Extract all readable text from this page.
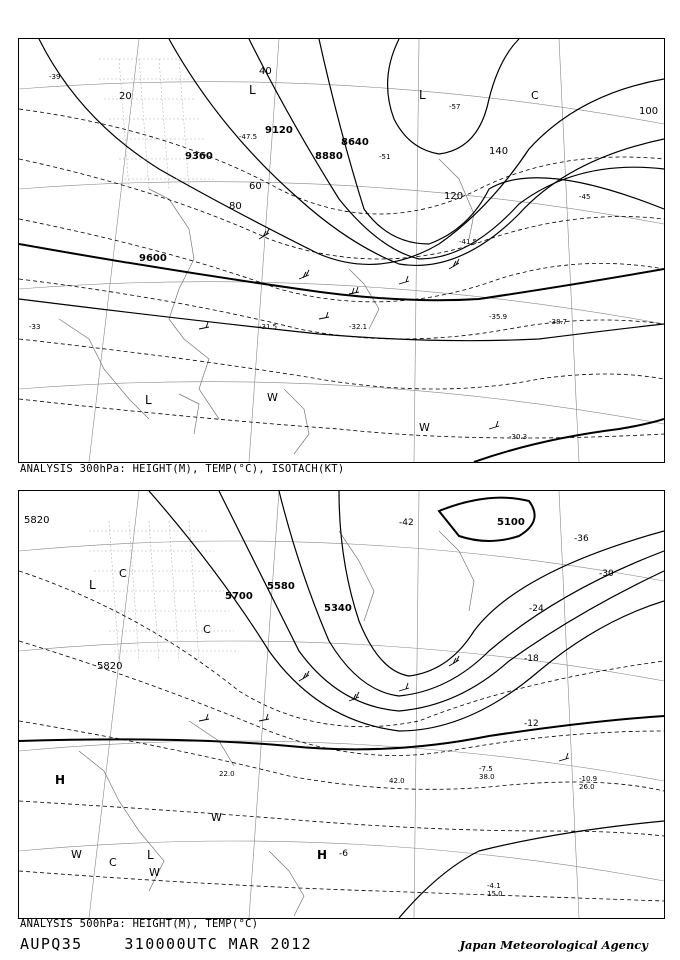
9120
9360
8640
8880
9600
20
40
60
80
100
120
140
-39
-45
-51
-57
-33
-35.9
-31.5	-32.1
-30.3
-47.5
-38.7
-41.5
L
L
L
W
W
C
ANALYSIS 300hPa: HEIGHT(M), TEMP(°C), ISOTACH(KT)
5820	5100
5700
5580
5340
5820
-42
-36
-30
-24
-18
-12
-6
-7.5
-10.9
-4.1
38.0
26.0
15.0
42.0
22.0
L
L
H
H
C
C
W
W
C
W
ANALYSIS 500hPa: HEIGHT(M), TEMP(°C)
AUPQ35	310000UTC MAR 2012	Japan Meteorological Agency
